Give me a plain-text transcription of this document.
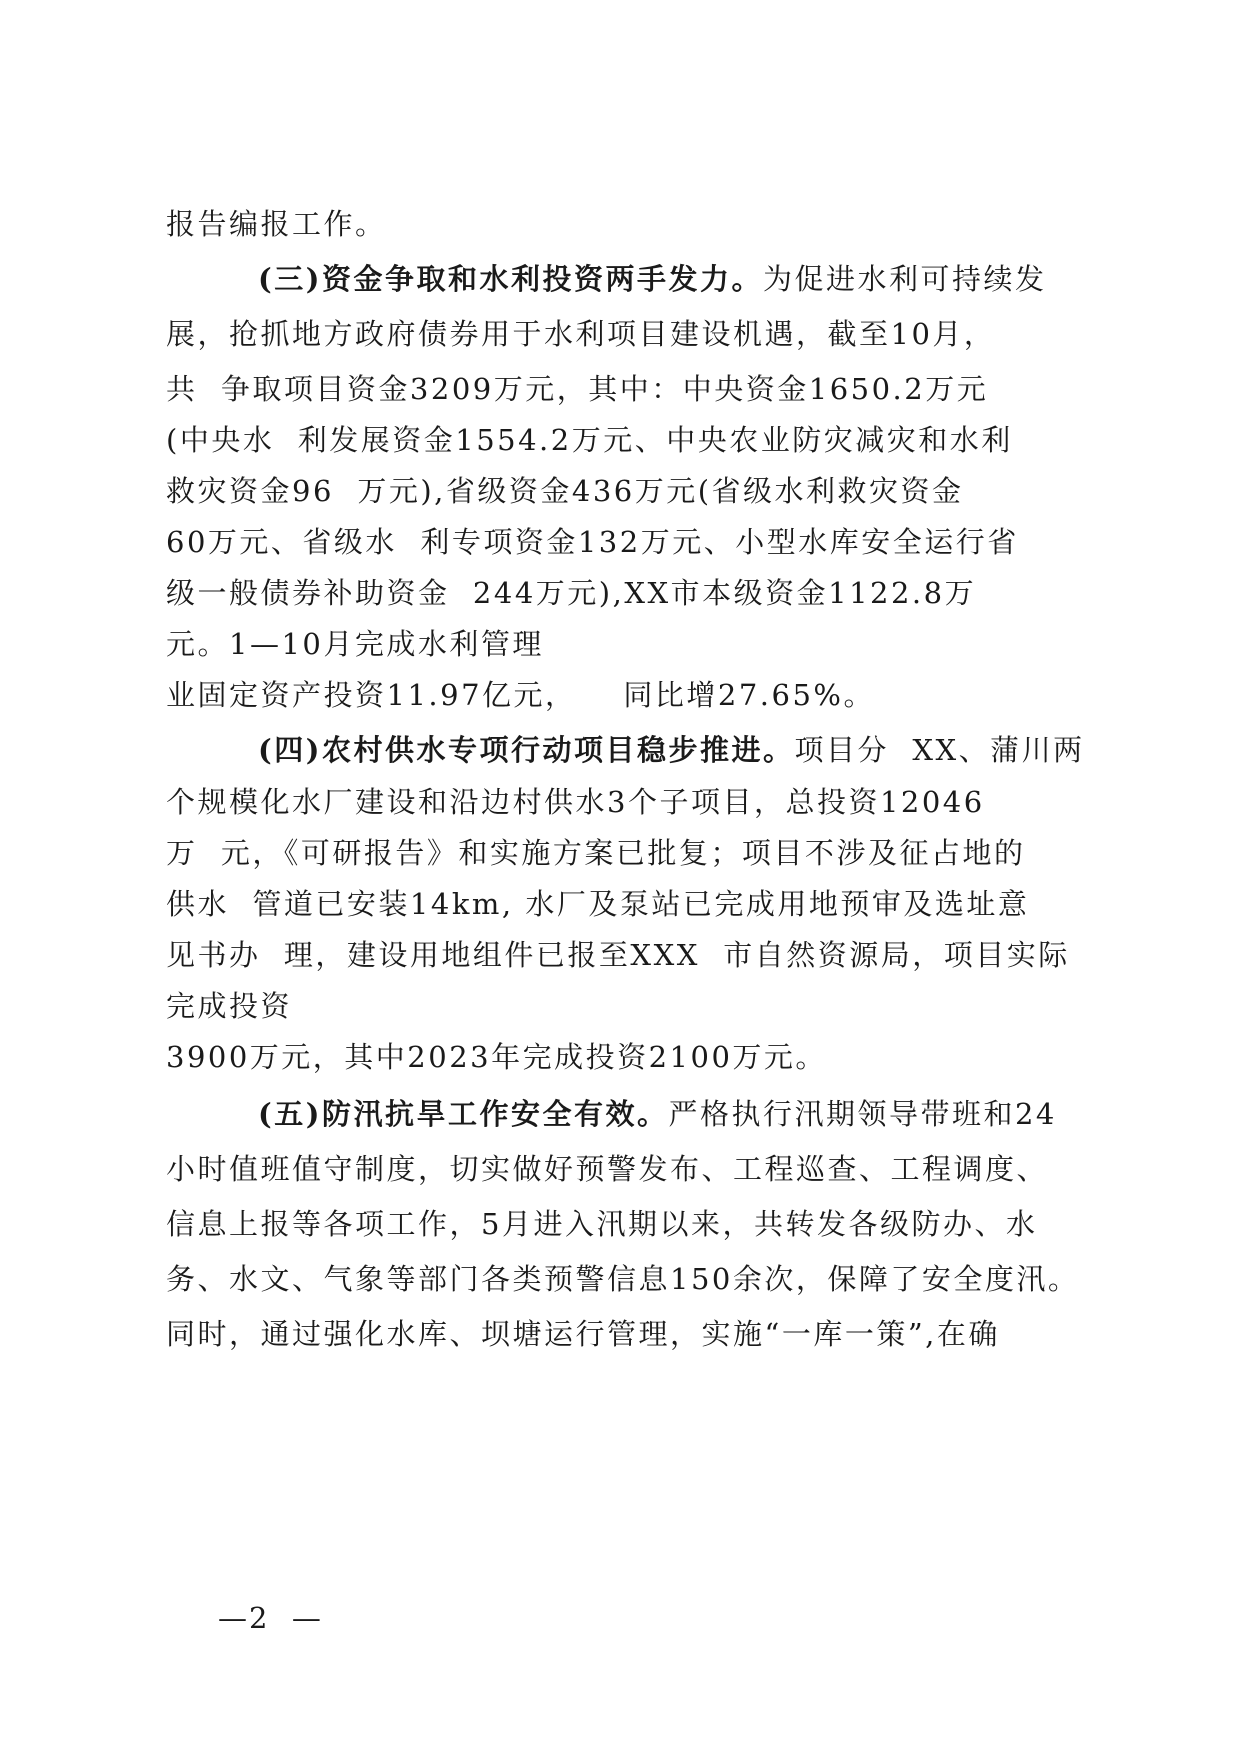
报告编报工作。
(三)资金争取和水利投资两手发力。为促进水利可持续发
展，抢抓地方政府债券用于水利项目建设机遇，截至10月，
共  争取项目资金3209万元，其中：中央资金1650.2万元
(中央水  利发展资金1554.2万元、中央农业防灾减灾和水利
救灾资金96  万元),省级资金436万元(省级水利救灾资金
60万元、省级水  利专项资金132万元、小型水库安全运行省
级一般债券补助资金  244万元),XX市本级资金1122.8万
元。1—10月完成水利管理
业固定资产投资11.97亿元，    同比增27.65%。
(四)农村供水专项行动项目稳步推进。项目分  XX、蒲川两
个规模化水厂建设和沿边村供水3个子项目，总投资12046
万  元，《可研报告》和实施方案已批复；项目不涉及征占地的
供水  管道已安装14km, 水厂及泵站已完成用地预审及选址意
见书办  理，建设用地组件已报至XXX  市自然资源局，项目实际
完成投资
3900万元，其中2023年完成投资2100万元。
(五)防汛抗旱工作安全有效。严格执行汛期领导带班和24
小时值班值守制度，切实做好预警发布、工程巡查、工程调度、
信息上报等各项工作，5月进入汛期以来，共转发各级防办、水
务、水文、气象等部门各类预警信息150余次，保障了安全度汛。
同时，通过强化水库、坝塘运行管理，实施“一库一策”,在确
—2  —
